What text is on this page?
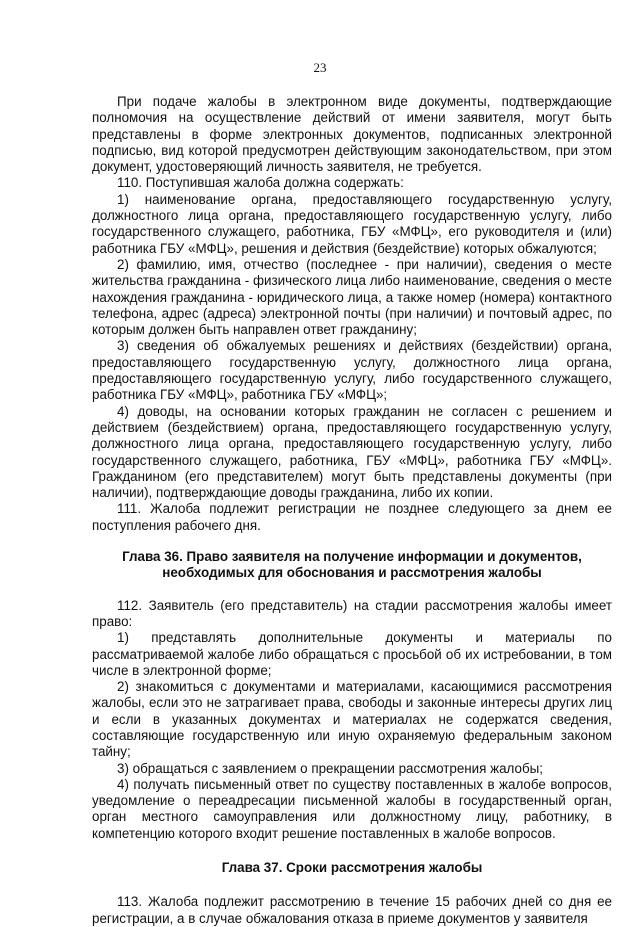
23

При подаче жалобы в электронном виде документы, подтверждающие полномочия на осуществление действий от имени заявителя, могут быть представлены в форме электронных документов, подписанных электронной подписью, вид которой предусмотрен действующим законодательством, при этом документ, удостоверяющий личность заявителя, не требуется.

110. Поступившая жалоба должна содержать:

1) наименование органа, предоставляющего государственную услугу, должностного лица органа, предоставляющего государственную услугу, либо государственного служащего, работника, ГБУ «МФЦ», его руководителя и (или) работника ГБУ «МФЦ», решения и действия (бездействие) которых обжалуются;

2) фамилию, имя, отчество (последнее - при наличии), сведения о месте жительства гражданина - физического лица либо наименование, сведения о месте нахождения гражданина - юридического лица, а также номер (номера) контактного телефона, адрес (адреса) электронной почты (при наличии) и почтовый адрес, по которым должен быть направлен ответ гражданину;

3) сведения об обжалуемых решениях и действиях (бездействии) органа, предоставляющего государственную услугу, должностного лица органа, предоставляющего государственную услугу, либо государственного служащего, работника ГБУ «МФЦ», работника ГБУ «МФЦ»;

4) доводы, на основании которых гражданин не согласен с решением и действием (бездействием) органа, предоставляющего государственную услугу, должностного лица органа, предоставляющего государственную услугу, либо государственного служащего, работника, ГБУ «МФЦ», работника ГБУ «МФЦ». Гражданином (его представителем) могут быть представлены документы (при наличии), подтверждающие доводы гражданина, либо их копии.

111. Жалоба подлежит регистрации не позднее следующего за днем ее поступления рабочего дня.

Глава 36. Право заявителя на получение информации и документов,
необходимых для обоснования и рассмотрения жалобы

112. Заявитель (его представитель) на стадии рассмотрения жалобы имеет право:

1) представлять дополнительные документы и материалы по рассматриваемой жалобе либо обращаться с просьбой об их истребовании, в том числе в электронной форме;

2) знакомиться с документами и материалами, касающимися рассмотрения жалобы, если это не затрагивает права, свободы и законные интересы других лиц и если в указанных документах и материалах не содержатся сведения, составляющие государственную или иную охраняемую федеральным законом тайну;

3) обращаться с заявлением о прекращении рассмотрения жалобы;

4) получать письменный ответ по существу поставленных в жалобе вопросов, уведомление о переадресации письменной жалобы в государственный орган, орган местного самоуправления или должностному лицу, работнику, в компетенцию которого входит решение поставленных в жалобе вопросов.

Глава 37. Сроки рассмотрения жалобы

113. Жалоба подлежит рассмотрению в течение 15 рабочих дней со дня ее регистрации, а в случае обжалования отказа в приеме документов у заявителя
